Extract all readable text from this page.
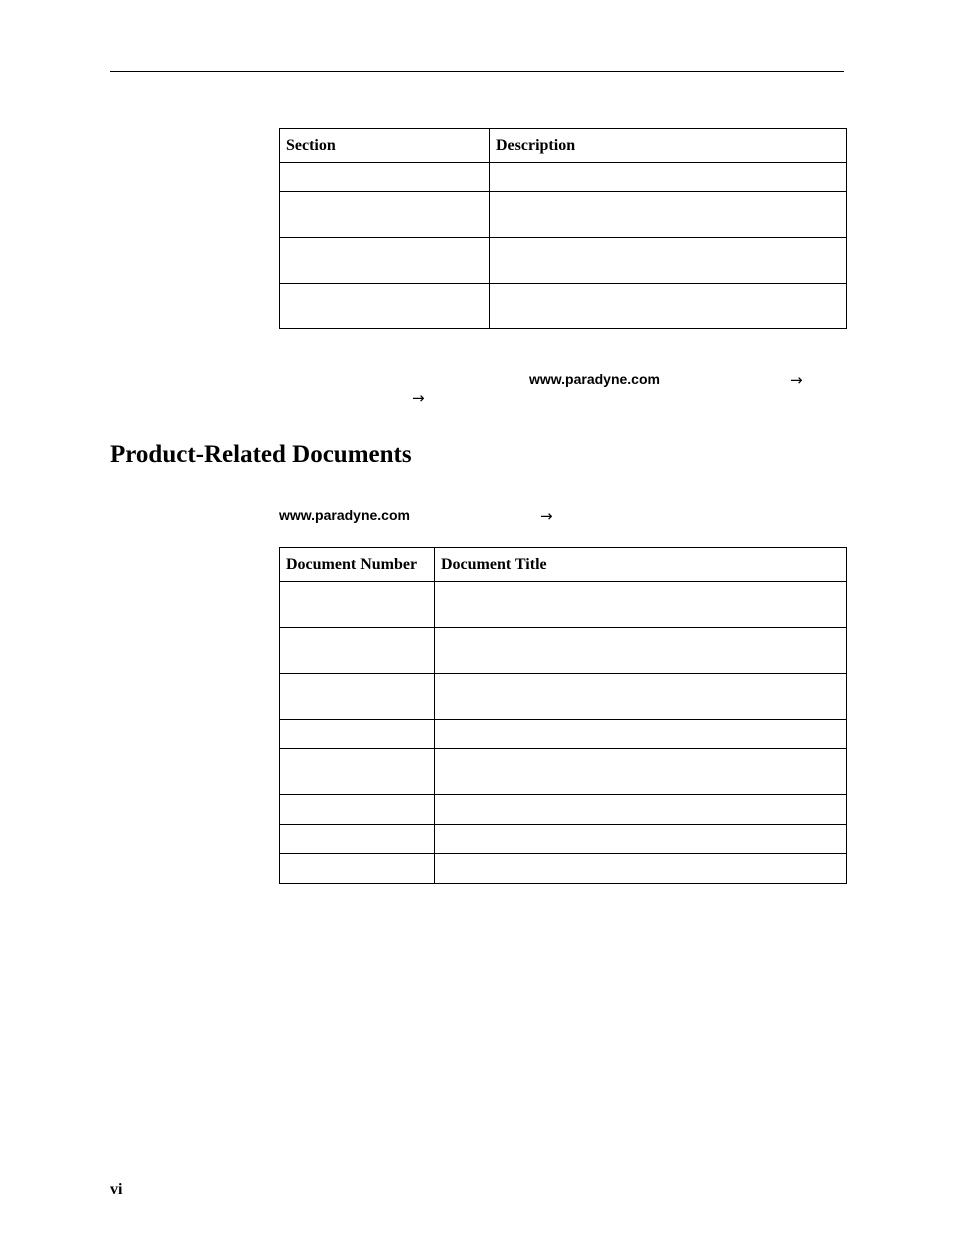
Section	Description

www.paradyne.com	→
→
Product-Related Documents
www.paradyne.com	→
Document Number	Document Title

vi
